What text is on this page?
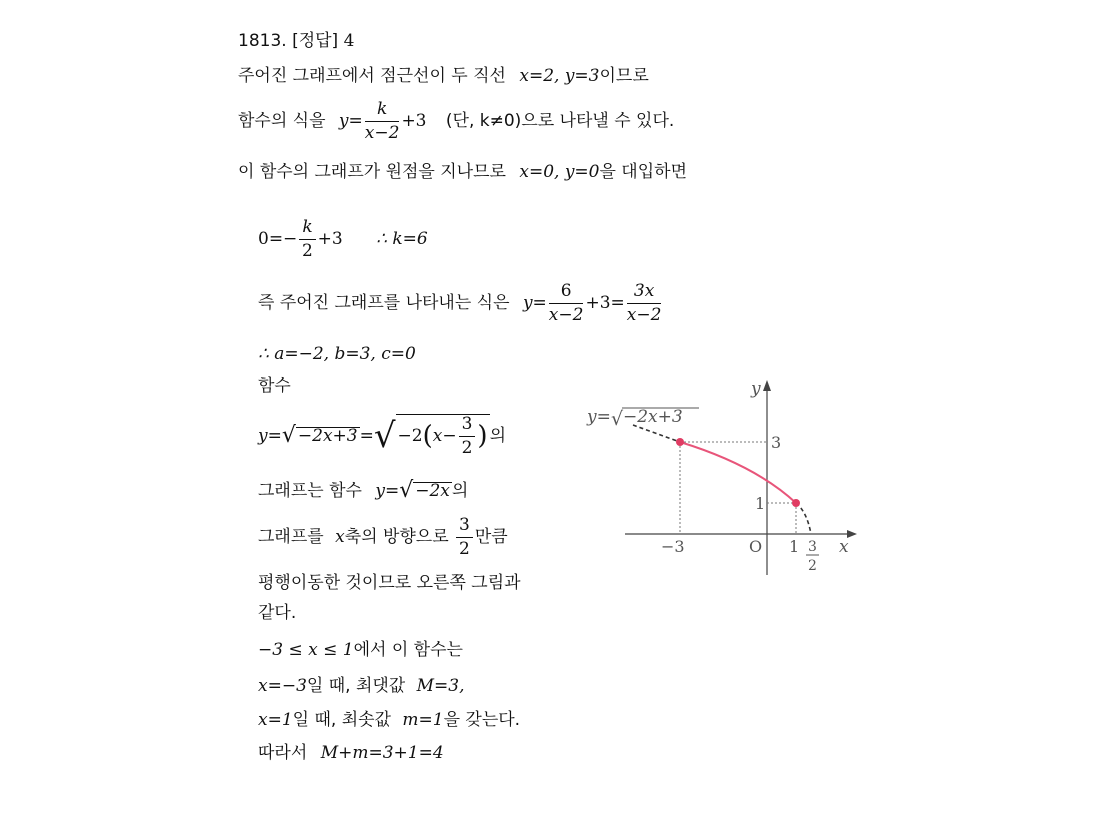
1813. [정답] 4
주어진 그래프에서 점근선이 두 직선 x=2, y=3이므로
함수의 식을 $y= \frac{k}{x-2} +3$ (단, k≠0)으로 나타낼 수 있다.
이 함수의 그래프가 원점을 지나므로 x=0, y=0을 대입하면
$0=- \frac{k}{2} +3$ ∴ k=6
즉 주어진 그래프를 나타내는 식은 $y= \frac{6}{x-2} +3= \frac{3x}{x-2}$
∴ a=−2, b=3, c=0
함수
y=√ −2x+3 =√ $-2(x- \frac{3}{2}$ ) 의
그래프는 함수 y=√ −2x 의
그래프를 x축의 방향으로 $\frac{3}{2}$ 만큼
평행이동한 것이므로 오른쪽 그림과
같다.
−3 ≤ x ≤ 1에서 이 함수는
x=−3일 때, 최댓값 M=3,
x=1일 때, 최솟값 m=1을 갖는다.
따라서 M+m=3+1=4
y= √ −2x+3
y
x
O
3
1
−3	1 3
2
